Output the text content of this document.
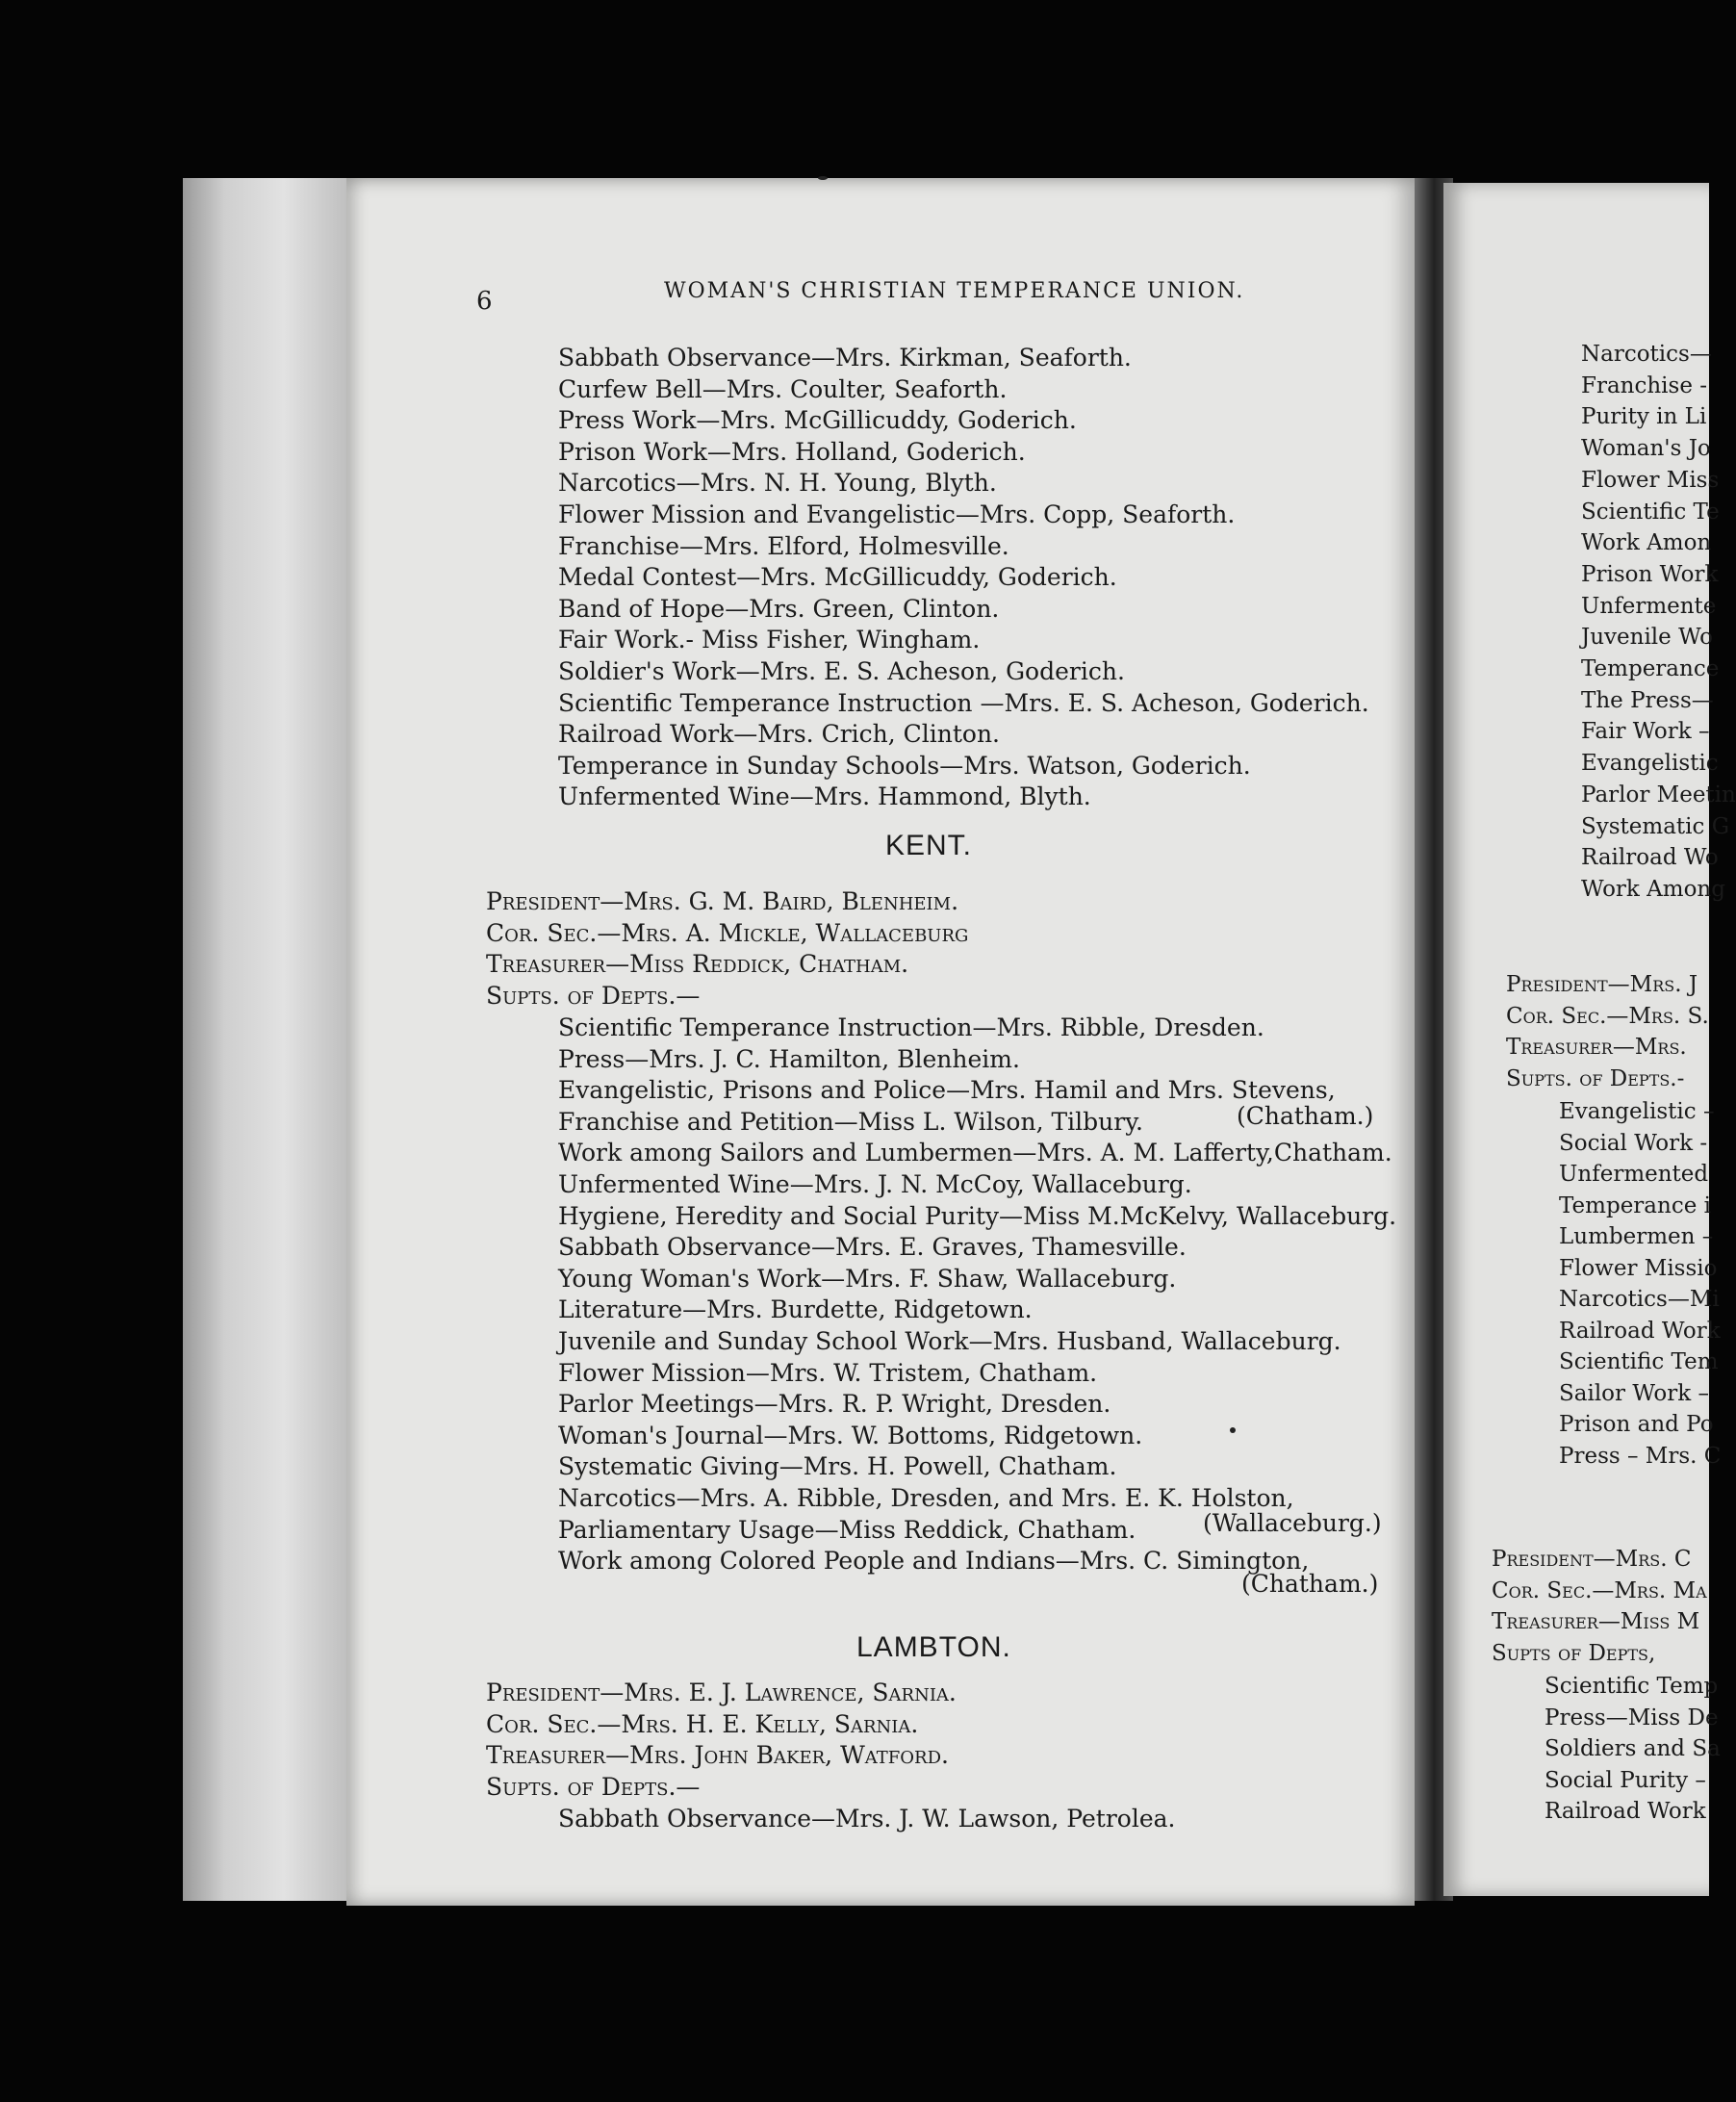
6	WOMAN'S CHRISTIAN TEMPERANCE UNION.
Sabbath Observance—Mrs. Kirkman, Seaforth.
Curfew Bell—Mrs. Coulter, Seaforth.
Press Work—Mrs. McGillicuddy, Goderich.
Prison Work—Mrs. Holland, Goderich.
Narcotics—Mrs. N. H. Young, Blyth.
Flower Mission and Evangelistic—Mrs. Copp, Seaforth.
Franchise—Mrs. Elford, Holmesville.
Medal Contest—Mrs. McGillicuddy, Goderich.
Band of Hope—Mrs. Green, Clinton.
Fair Work.- Miss Fisher, Wingham.
Soldier's Work—Mrs. E. S. Acheson, Goderich.
Scientific Temperance Instruction —Mrs. E. S. Acheson, Goderich.
Railroad Work—Mrs. Crich, Clinton.
Temperance in Sunday Schools—Mrs. Watson, Goderich.
Unfermented Wine—Mrs. Hammond, Blyth.
KENT.
President—Mrs. G. M. Baird, Blenheim.
Cor. Sec.—Mrs. A. Mickle, Wallaceburg
Treasurer—Miss Reddick, Chatham.
Supts. of Depts.—
Scientific Temperance Instruction—Mrs. Ribble, Dresden.
Press—Mrs. J. C. Hamilton, Blenheim.
Evangelistic, Prisons and Police—Mrs. Hamil and Mrs. Stevens,
Franchise and Petition—Miss L. Wilson, Tilbury.
Work among Sailors and Lumbermen—Mrs. A. M. Lafferty,Chatham.
Unfermented Wine—Mrs. J. N. McCoy, Wallaceburg.
Hygiene, Heredity and Social Purity—Miss M.McKelvy, Wallaceburg.
Sabbath Observance—Mrs. E. Graves, Thamesville.
Young Woman's Work—Mrs. F. Shaw, Wallaceburg.
Literature—Mrs. Burdette, Ridgetown.
Juvenile and Sunday School Work—Mrs. Husband, Wallaceburg.
Flower Mission—Mrs. W. Tristem, Chatham.
Parlor Meetings—Mrs. R. P. Wright, Dresden.
Woman's Journal—Mrs. W. Bottoms, Ridgetown.
Systematic Giving—Mrs. H. Powell, Chatham.
Narcotics—Mrs. A. Ribble, Dresden, and Mrs. E. K. Holston,
Parliamentary Usage—Miss Reddick, Chatham.
Work among Colored People and Indians—Mrs. C. Simington,
(Chatham.)
(Wallaceburg.)
(Chatham.)
LAMBTON.
President—Mrs. E. J. Lawrence, Sarnia.
Cor. Sec.—Mrs. H. E. Kelly, Sarnia.
Treasurer—Mrs. John Baker, Watford.
Supts. of Depts.—
Sabbath Observance—Mrs. J. W. Lawson, Petrolea.
Narcotics—
Franchise -
Purity in Li
Woman's Jo
Flower Miss
Scientific Te
Work Amon
Prison Work
Unfermente
Juvenile Wo
Temperance
The Press—
Fair Work –
Evangelistic
Parlor Meetin
Systematic G
Railroad Wo
Work Among
President—Mrs. J
Cor. Sec.—Mrs. S.
Treasurer—Mrs.
Supts. of Depts.-
Evangelistic –
Social Work -
Unfermented
Temperance i
Lumbermen –
Flower Missio
Narcotics—Mi
Railroad Work
Scientific Tem
Sailor Work –
Prison and Po
Press – Mrs. C
President—Mrs. C
Cor. Sec.—Mrs. Ma
Treasurer—Miss M
Supts of Depts,
Scientific Temp
Press—Miss De
Soldiers and Sa
Social Purity –
Railroad Work
